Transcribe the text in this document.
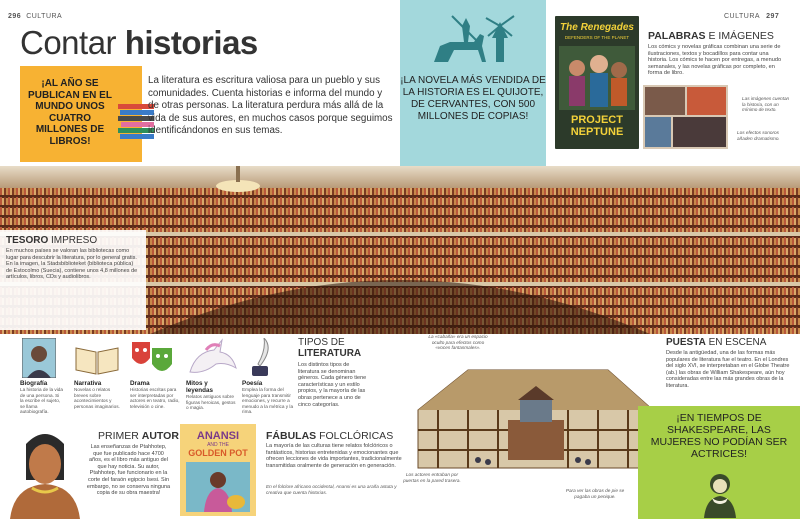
296 CULTURA	CULTURA 297
Contar historias
¡AL AÑO SE PUBLICAN EN EL MUNDO UNOS CUATRO MILLONES DE LIBROS!

La literatura es escritura valiosa para un pueblo y sus comunidades. Cuenta historias e informa del mundo y de otras personas. La literatura perdura más allá de la vida de sus autores, en muchos casos porque seguimos identificándonos en sus temas.

¡LA NOVELA MÁS VENDIDA DE LA HISTORIA ES EL QUIJOTE, DE CERVANTES, CON 500 MILLONES DE COPIAS!
The Renegades
DEFENDERS OF THE PLANET
PROJECT NEPTUNE
PALABRAS E IMÁGENES

Los cómics y novelas gráficas combinan una serie de ilustraciones, textos y bocadillos para contar una historia. Los cómics te hacen por entregas, a menudo semanales, y las novelas gráficas por completo, en forma de libro.

Las imágenes cuentan la historia, con un mínimo de texto.

Los efectos sonoros añaden dramatismo.

TESORO IMPRESO

En muchos países se valoran las bibliotecas como lugar para descubrir la literatura, por lo general gratis. En la imagen, la Stadsbiblioteket (biblioteca pública) de Estocolmo (Suecia), contiene unos 4,8 millones de artículos, libros, CDs y audiolibros.

Biografía
La historia de la vida de una persona. Si la escribe el sujeto, se llama autobiografía.
Narrativa
Novelas o relatos breves sobre acontecimientos y personas imaginarios.
Drama
Historias escritas para ser interpretadas por actores en teatro, radio, televisión o cine.
Mitos y leyendas
Relatos antiguos sobre figuras heroicas, gestos o magia.
Poesía
Emplea la forma del lenguaje para transmitir emociones, y recurre a menudo a la métrica y la rima.
TIPOS DE
LITERATURA

Los distintos tipos de literatura se denominan géneros. Cada género tiene características y un estilo propios, y la mayoría de las obras pertenece a uno de cinco categorías.

La «cabaña» era un espacio oculto para efectos como «voces fantasmales».

Los actores entraban por puertas en la pared trasera.

Para ver las obras de pie se pagaba un penique.

PUESTA EN ESCENA

Desde la antigüedad, una de las formas más populares de literatura fue el teatro. En el Londres del siglo XVI, se interpretaban en el Globe Theatre (ab.) las obras de William Shakespeare, aún hoy consideradas entre las más grandes obras de la literatura.

¡EN TIEMPOS DE SHAKESPEARE, LAS MUJERES NO PODÍAN SER ACTRICES!
PRIMER AUTOR

Las enseñanzas de Ptahhotep, que fue publicado hace 4700 años, es el libro más antiguo del que hay noticia. Su autor, Ptahhotep, fue funcionario en la corte del faraón egipcio Isesi. Sin embargo, no se conserva ninguna copia de su obra maestra!

ANANSI
AND THE
GOLDEN POT
FÁBULAS FOLCLÓRICAS

La mayoría de las culturas tiene relatos folclóricos o fantásticos, historias entretenidas y emocionantes que ofrecen lecciones de vida importantes, tradicionalmente transmitidas oralmente de generación en generación.

En el folclore africano occidental, Anansi es una araña astuta y creativa que cuenta historias.
